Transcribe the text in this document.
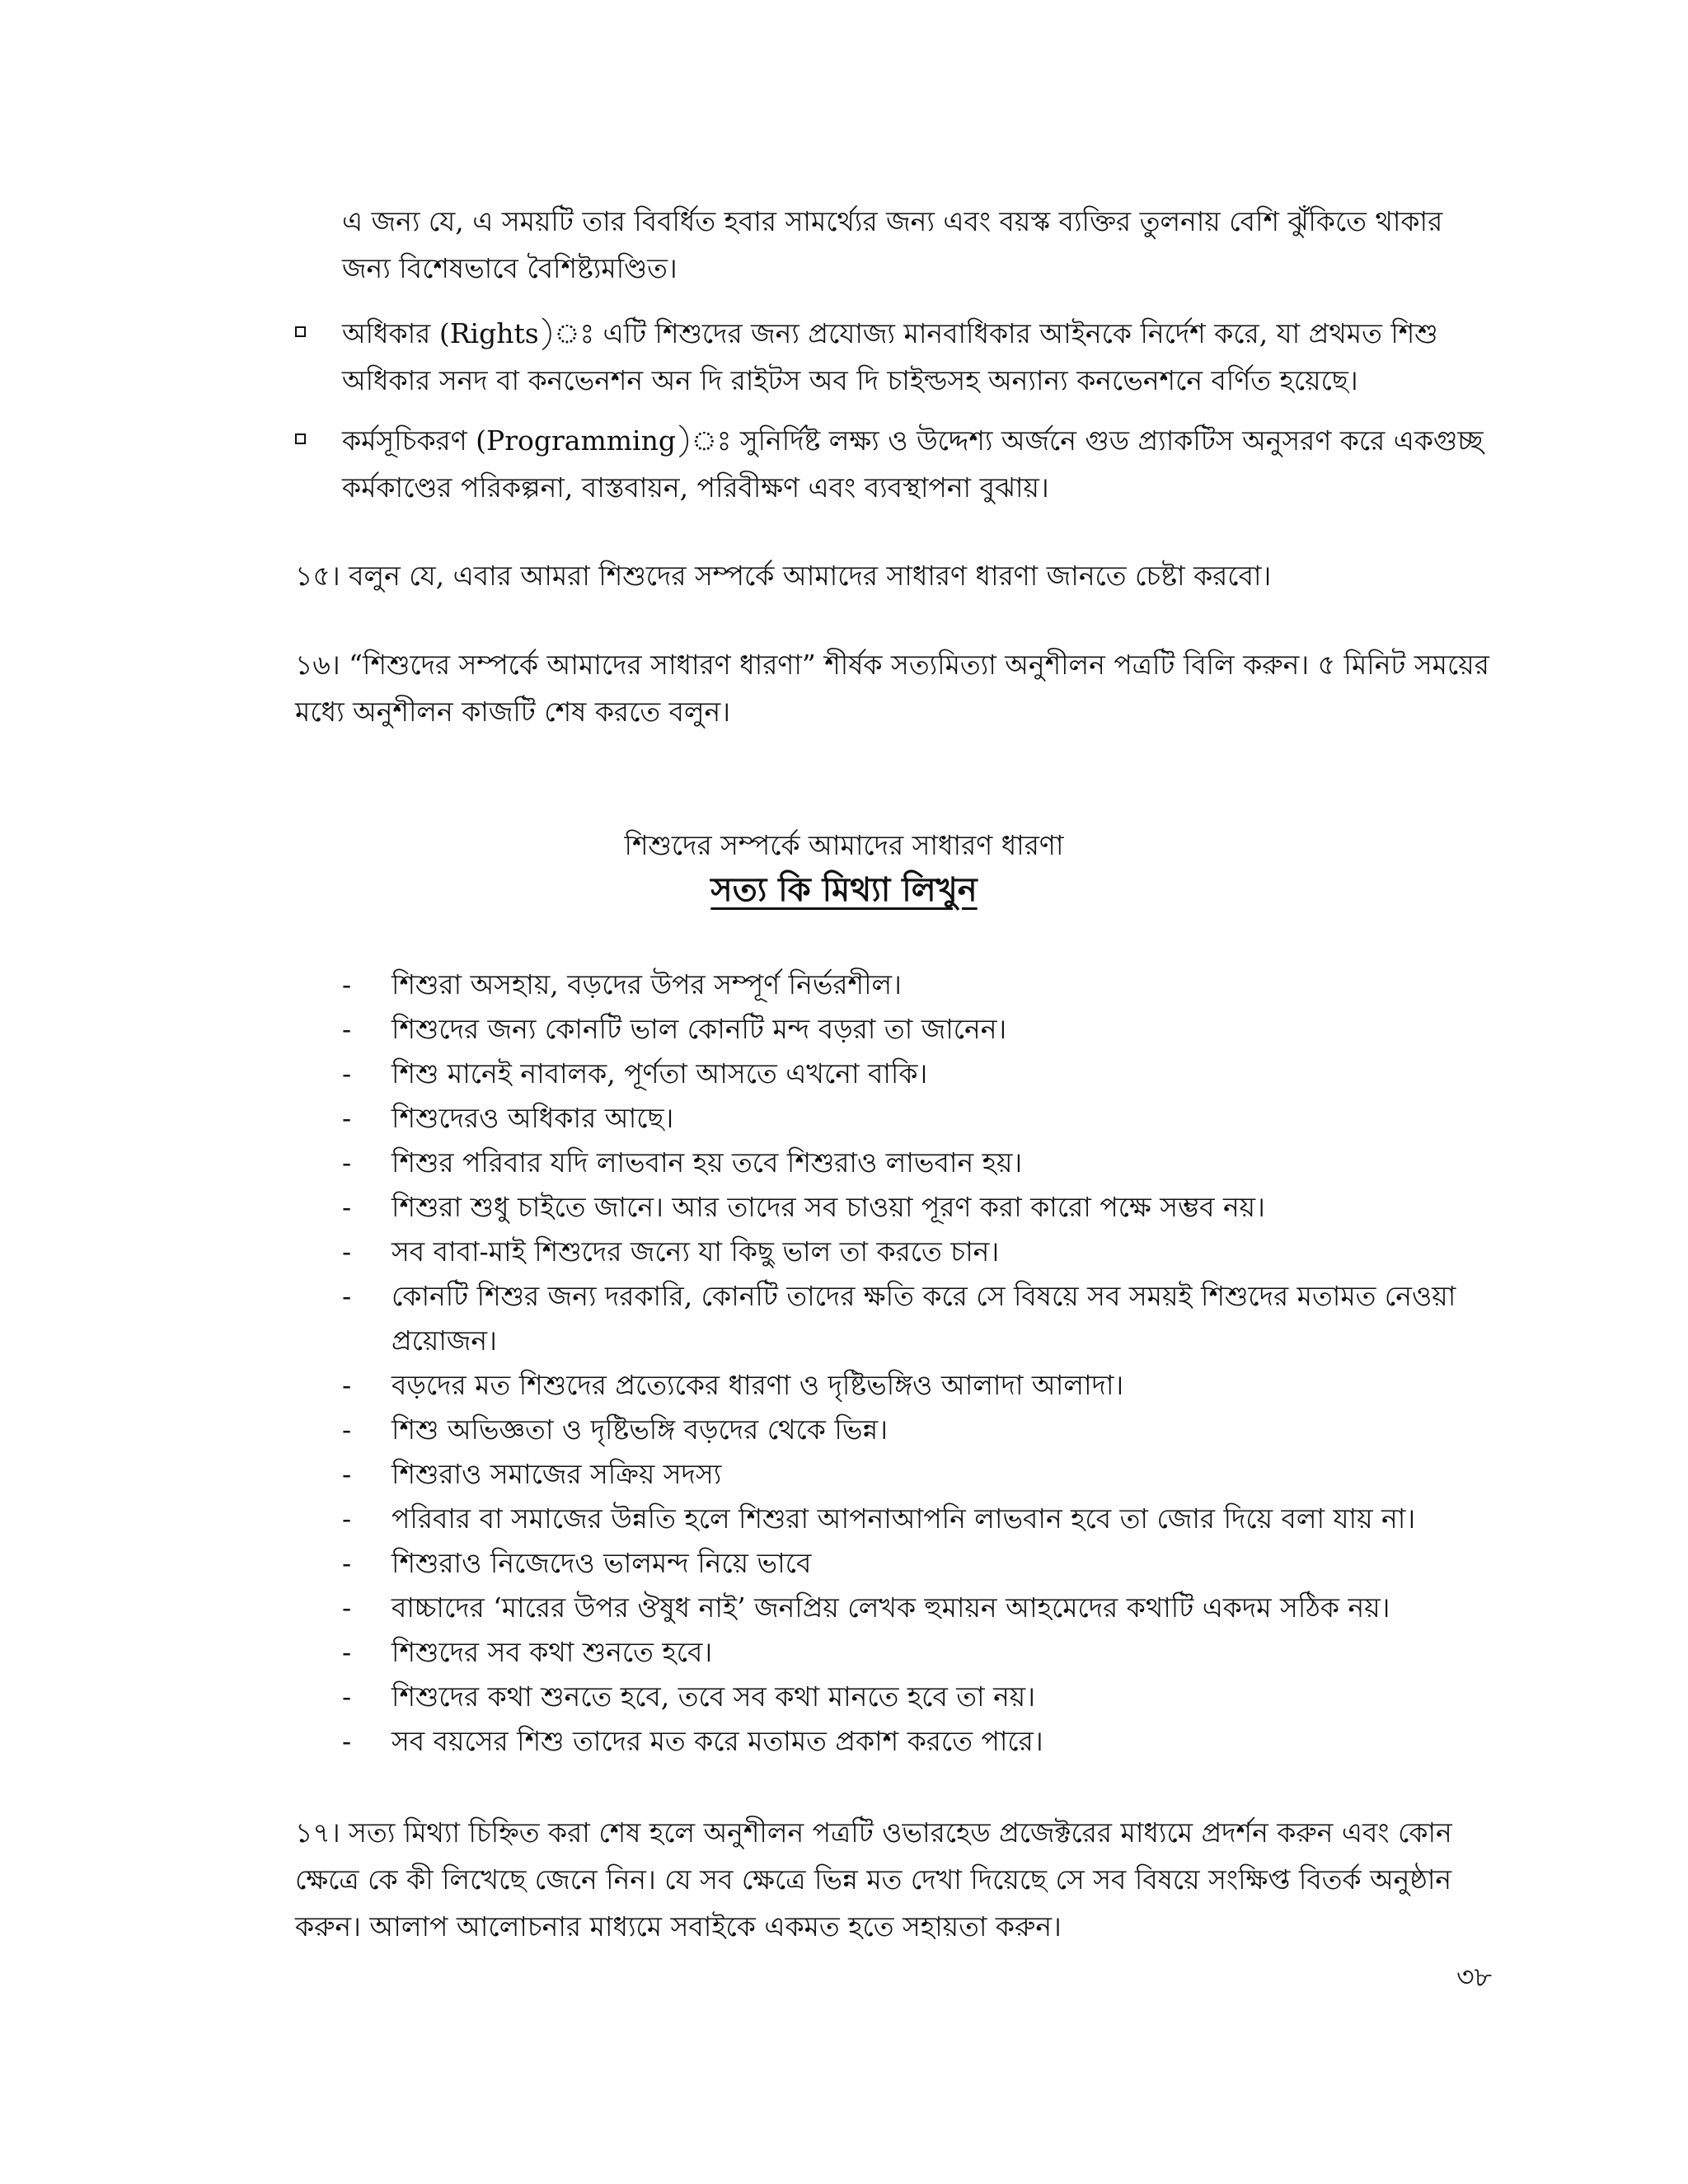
এ জন্য যে, এ সময়টি তার বিবর্ধিত হবার সামর্থ্যের জন্য এবং বয়স্ক ব্যক্তির তুলনায় বেশি ঝুঁকিতে থাকার জন্য বিশেষভাবে বৈশিষ্ট্যমণ্ডিত।

অধিকার (Rights)ঃ এটি শিশুদের জন্য প্রযোজ্য মানবাধিকার আইনকে নির্দেশ করে, যা প্রথমত শিশু অধিকার সনদ বা কনভেনশন অন দি রাইটস অব দি চাইল্ডসহ অন্যান্য কনভেনশনে বর্ণিত হয়েছে।

কর্মসূচিকরণ (Programming)ঃ সুনির্দিষ্ট লক্ষ্য ও উদ্দেশ্য অর্জনে গুড প্র্যাকটিস অনুসরণ করে একগুচ্ছ কর্মকাণ্ডের পরিকল্পনা, বাস্তবায়ন, পরিবীক্ষণ এবং ব্যবস্থাপনা বুঝায়।

১৫। বলুন যে, এবার আমরা শিশুদের সম্পর্কে আমাদের সাধারণ ধারণা জানতে চেষ্টা করবো।

১৬। “শিশুদের সম্পর্কে আমাদের সাধারণ ধারণা” শীর্ষক সত্যমিত্যা অনুশীলন পত্রটি বিলি করুন। ৫ মিনিট সময়ের মধ্যে অনুশীলন কাজটি শেষ করতে বলুন।

শিশুদের সম্পর্কে আমাদের সাধারণ ধারণা

সত্য কি মিথ্যা লিখুন

- শিশুরা অসহায়, বড়দের উপর সম্পূর্ণ নির্ভরশীল।
- শিশুদের জন্য কোনটি ভাল কোনটি মন্দ বড়রা তা জানেন।
- শিশু মানেই নাবালক, পূর্ণতা আসতে এখনো বাকি।
- শিশুদেরও অধিকার আছে।
- শিশুর পরিবার যদি লাভবান হয় তবে শিশুরাও লাভবান হয়।
- শিশুরা শুধু চাইতে জানে। আর তাদের সব চাওয়া পূরণ করা কারো পক্ষে সম্ভব নয়।
- সব বাবা-মাই শিশুদের জন্যে যা কিছু ভাল তা করতে চান।
- কোনটি শিশুর জন্য দরকারি, কোনটি তাদের ক্ষতি করে সে বিষয়ে সব সময়ই শিশুদের মতামত নেওয়া প্রয়োজন।
- বড়দের মত শিশুদের প্রত্যেকের ধারণা ও দৃষ্টিভঙ্গিও আলাদা আলাদা।
- শিশু অভিজ্ঞতা ও দৃষ্টিভঙ্গি বড়দের থেকে ভিন্ন।
- শিশুরাও সমাজের সক্রিয় সদস্য
- পরিবার বা সমাজের উন্নতি হলে শিশুরা আপনাআপনি লাভবান হবে তা জোর দিয়ে বলা যায় না।
- শিশুরাও নিজেদেও ভালমন্দ নিয়ে ভাবে
- বাচ্চাদের ‘মারের উপর ঔষুধ নাই’ জনপ্রিয় লেখক হুমায়ন আহমেদের কথাটি একদম সঠিক নয়।
- শিশুদের সব কথা শুনতে হবে।
- শিশুদের কথা শুনতে হবে, তবে সব কথা মানতে হবে তা নয়।
- সব বয়সের শিশু তাদের মত করে মতামত প্রকাশ করতে পারে।

১৭। সত্য মিথ্যা চিহ্নিত করা শেষ হলে অনুশীলন পত্রটি ওভারহেড প্রজেক্টরের মাধ্যমে প্রদর্শন করুন এবং কোন ক্ষেত্রে কে কী লিখেছে জেনে নিন। যে সব ক্ষেত্রে ভিন্ন মত দেখা দিয়েছে সে সব বিষয়ে সংক্ষিপ্ত বিতর্ক অনুষ্ঠান করুন। আলাপ আলোচনার মাধ্যমে সবাইকে একমত হতে সহায়তা করুন।

৩৮
